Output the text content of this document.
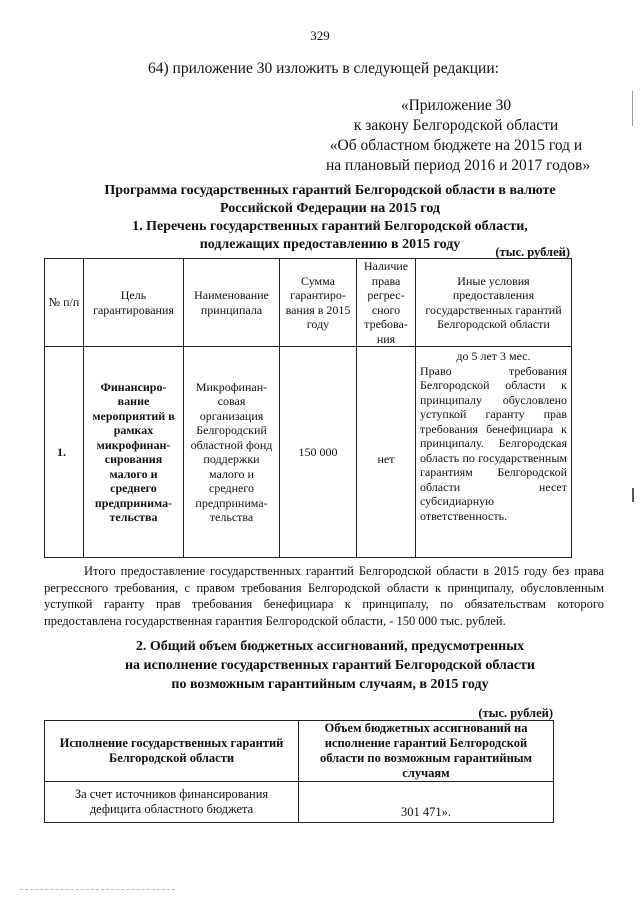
329
64) приложение 30 изложить в следующей редакции:
«Приложение 30
к закону Белгородской области
«Об областном бюджете на 2015 год и
на плановый период 2016 и 2017 годов»
Программа государственных гарантий Белгородской области в валюте
Российской Федерации на 2015 год
1. Перечень государственных гарантий Белгородской области,
подлежащих предоставлению в 2015 году	(тыс. рублей)
№ п/п	Цель гарантирования	Наименование принципала	Сумма гарантиро-вания в 2015 году	Наличие права регрес-сного требова-ния	Иные условия предоставления государственных гарантий Белгородской области
1.	Финансиро-вание мероприятий в рамках микрофинан-сирования малого и среднего предпринима-тельства	Микрофинан-совая организация Белгородский областной фонд поддержки малого и среднего предпринима-тельства	150 000	нет	до 5 лет 3 мес.
Право требования Белгородской области к принципалу обусловлено уступкой гаранту прав требования бенефициара к принципалу. Белгородская область по государственным гарантиям Белгородской области несет субсидиарную ответственность.
Итого предоставление государственных гарантий Белгородской области в 2015 году без права регрессного требования, с правом требования Белгородской области к принципалу, обусловленным уступкой гаранту прав требования бенефициара к принципалу, по обязательствам которого предоставлена государственная гарантия Белгородской области, - 150 000 тыс. рублей.
2. Общий объем бюджетных ассигнований, предусмотренных
на исполнение государственных гарантий Белгородской области
по возможным гарантийным случаям, в 2015 году
(тыс. рублей)
Исполнение государственных гарантий Белгородской области	Объем бюджетных ассигнований на исполнение гарантий Белгородской области по возможным гарантийным случаям
За счет источников финансирования дефицита областного бюджета	301 471».
